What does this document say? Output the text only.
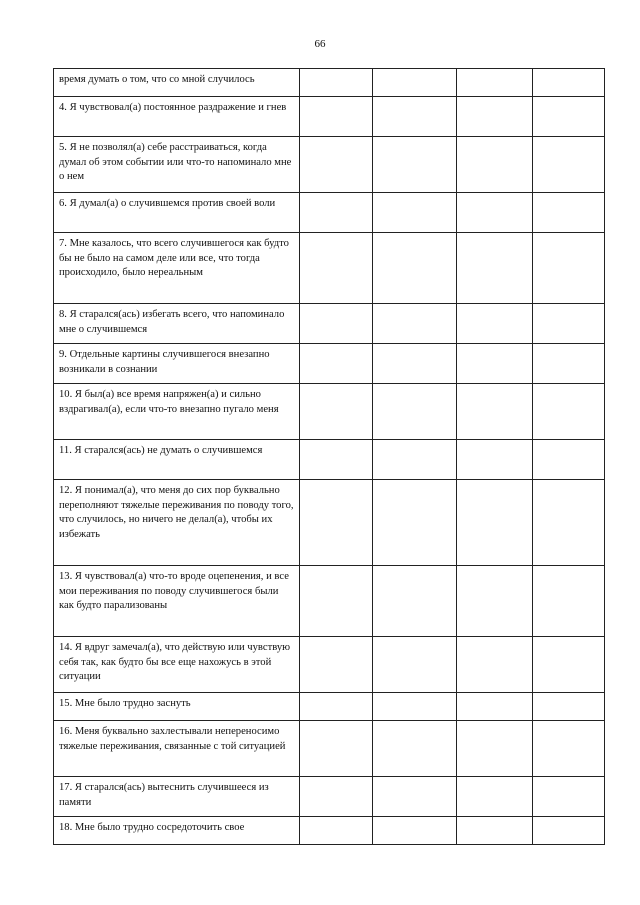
66
время думать о том, что со мной случилось				
4. Я чувствовал(а) постоянное раздражение и гнев				
5. Я не позволял(а) себе расстраиваться, когда думал об этом событии или что-то напоминало мне о нем				
6. Я думал(а) о случившемся против своей воли				
7. Мне казалось, что всего случившегося как будто бы не было на самом деле или все, что тогда происходило, было нереальным				
8. Я старался(ась) избегать всего, что напоминало мне о случившемся				
9. Отдельные картины случившегося внезапно возникали в сознании				
10. Я был(а) все время напряжен(а) и сильно вздрагивал(а), если что-то внезапно пугало меня				
11. Я старался(ась) не думать о случившемся				
12. Я понимал(а), что меня до сих пор буквально переполняют тяжелые переживания по поводу того, что случилось, но ничего не делал(а), чтобы их избежать				
13. Я чувствовал(а) что-то вроде оцепенения, и все мои переживания по поводу случившегося были как будто парализованы				
14. Я вдруг замечал(а), что действую или чувствую себя так, как будто бы все еще нахожусь в этой ситуации				
15. Мне было трудно заснуть				
16. Меня буквально захлестывали непереносимо тяжелые переживания, связанные с той ситуацией				
17. Я старался(ась) вытеснить случившееся из памяти				
18. Мне было трудно сосредоточить свое				
